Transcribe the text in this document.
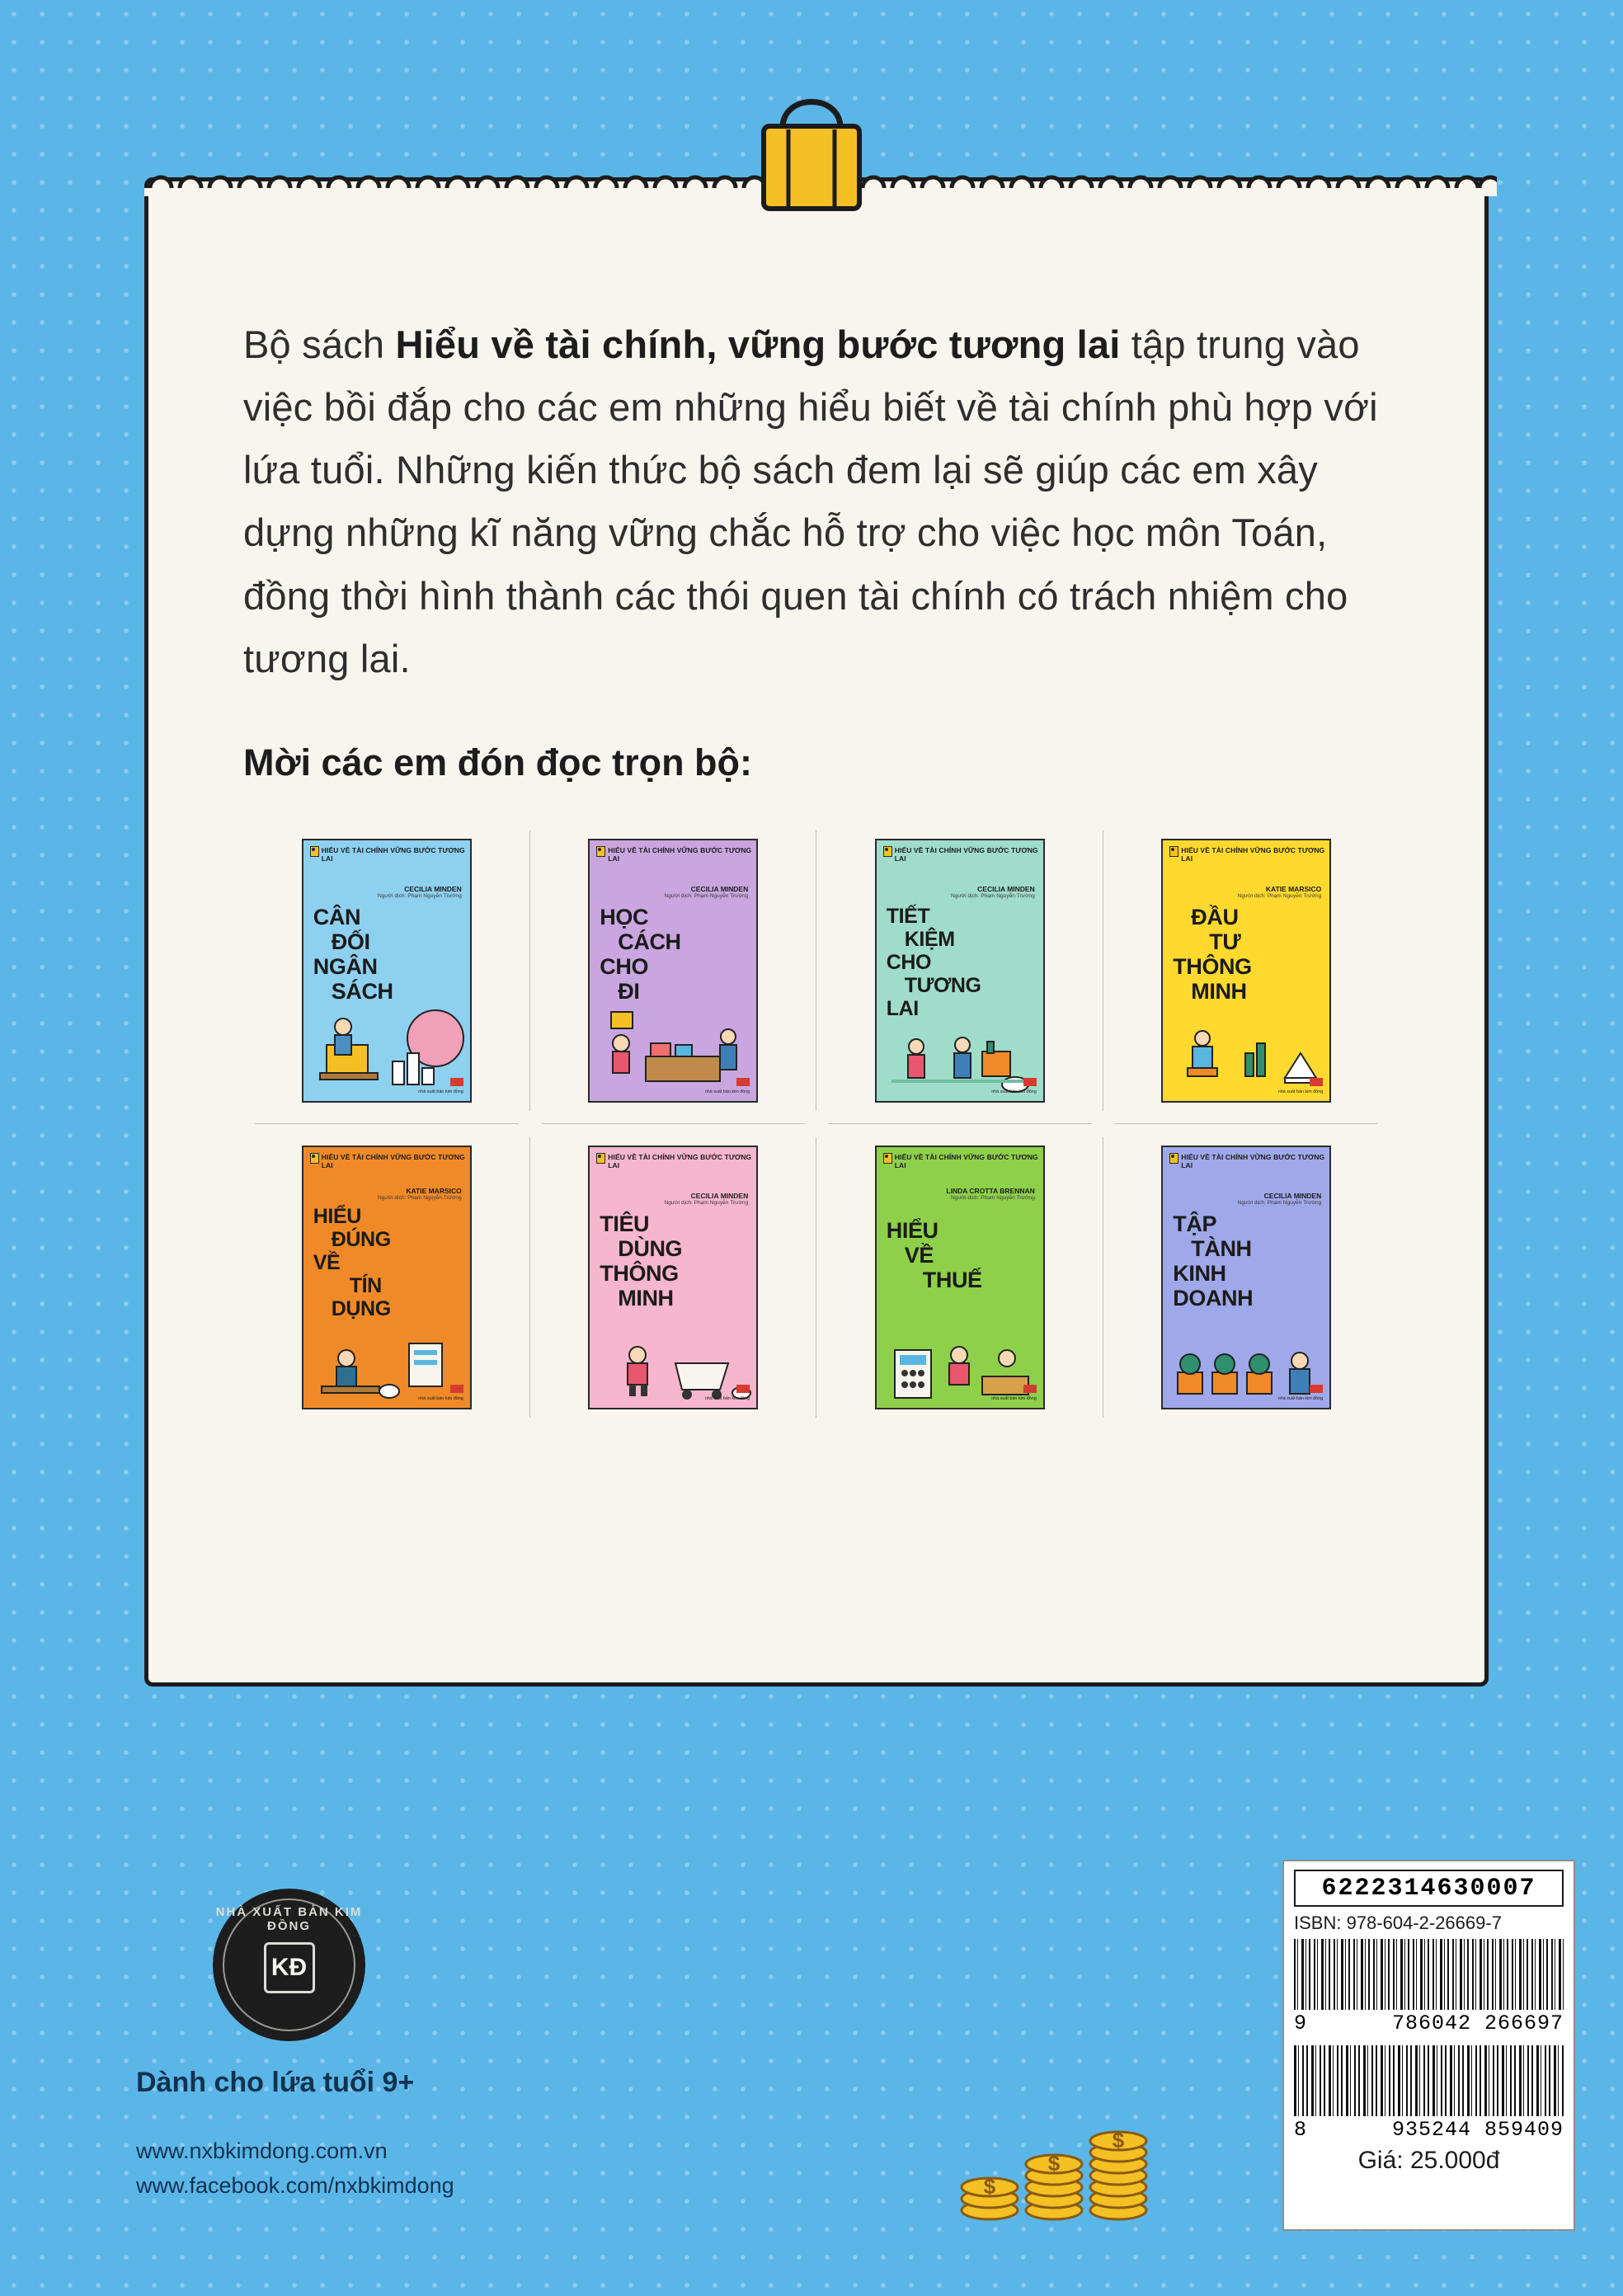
Bộ sách Hiểu về tài chính, vững bước tương lai tập trung vào việc bồi đắp cho các em những hiểu biết về tài chính phù hợp với lứa tuổi. Những kiến thức bộ sách đem lại sẽ giúp các em xây dựng những kĩ năng vững chắc hỗ trợ cho việc học môn Toán, đồng thời hình thành các thói quen tài chính có trách nhiệm cho tương lai.

Mời các em đón đọc trọn bộ:

HIỂU VỀ TÀI CHÍNH VỮNG BƯỚC TƯƠNG LAI
CECILIA MINDEN
Người dịch: Phạm Nguyễn Trường
CÂN
ĐỐI
NGÂN
SÁCH

nhà xuất bản kim đồng
HIỂU VỀ TÀI CHÍNH VỮNG BƯỚC TƯƠNG LAI
CECILIA MINDEN
Người dịch: Phạm Nguyễn Trường
HỌC
CÁCH
CHO
ĐI

nhà xuất bản kim đồng
HIỂU VỀ TÀI CHÍNH VỮNG BƯỚC TƯƠNG LAI
CECILIA MINDEN
Người dịch: Phạm Nguyễn Trường
TIẾT
KIỆM
CHO
TƯƠNG
LAI

nhà xuất bản kim đồng
HIỂU VỀ TÀI CHÍNH VỮNG BƯỚC TƯƠNG LAI
KATIE MARSICO
Người dịch: Phạm Nguyễn Trường
ĐẦU
TƯ
THÔNG
MINH

nhà xuất bản kim đồng
HIỂU VỀ TÀI CHÍNH VỮNG BƯỚC TƯƠNG LAI
KATIE MARSICO
Người dịch: Phạm Nguyễn Trường
HIỂU
ĐÚNG
VỀ
TÍN
DỤNG

nhà xuất bản kim đồng
HIỂU VỀ TÀI CHÍNH VỮNG BƯỚC TƯƠNG LAI
CECILIA MINDEN
Người dịch: Phạm Nguyễn Trường
TIÊU
DÙNG
THÔNG
MINH

nhà xuất bản kim đồng
HIỂU VỀ TÀI CHÍNH VỮNG BƯỚC TƯƠNG LAI
LINDA CROTTA BRENNAN
Người dịch: Phạm Nguyễn Trường
HIỂU
VỀ
THUẾ

nhà xuất bản kim đồng
HIỂU VỀ TÀI CHÍNH VỮNG BƯỚC TƯƠNG LAI
CECILIA MINDEN
Người dịch: Phạm Nguyễn Trường
TẬP
TÀNH
KINH
DOANH

nhà xuất bản kim đồng
NHÀ XUẤT BẢN KIM ĐỒNG
KĐ
Dành cho lứa tuổi 9+
www.nxbkimdong.com.vn
www.facebook.com/nxbkimdong	$
$
$
6222314630007
ISBN: 978-604-2-26669-7
9	786042 266697
8	935244 859409
Giá: 25.000đ
